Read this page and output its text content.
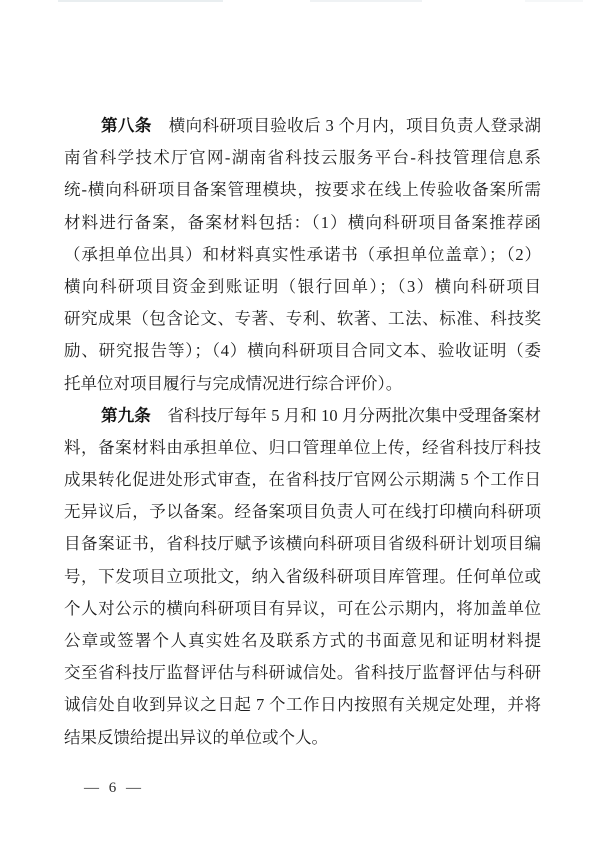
第八条　横向科研项目验收后 3 个月内，项目负责人登录湖
南省科学技术厅官网-湖南省科技云服务平台-科技管理信息系
统-横向科研项目备案管理模块，按要求在线上传验收备案所需
材料进行备案，备案材料包括：（1）横向科研项目备案推荐函
（承担单位出具）和材料真实性承诺书（承担单位盖章）；（2）
横向科研项目资金到账证明（银行回单）；（3）横向科研项目
研究成果（包含论文、专著、专利、软著、工法、标准、科技奖
励、研究报告等）；（4）横向科研项目合同文本、验收证明（委
托单位对项目履行与完成情况进行综合评价）。
第九条　省科技厅每年 5 月和 10 月分两批次集中受理备案材
料，备案材料由承担单位、归口管理单位上传，经省科技厅科技
成果转化促进处形式审查，在省科技厅官网公示期满 5 个工作日
无异议后，予以备案。经备案项目负责人可在线打印横向科研项
目备案证书，省科技厅赋予该横向科研项目省级科研计划项目编
号，下发项目立项批文，纳入省级科研项目库管理。任何单位或
个人对公示的横向科研项目有异议，可在公示期内，将加盖单位
公章或签署个人真实姓名及联系方式的书面意见和证明材料提
交至省科技厅监督评估与科研诚信处。省科技厅监督评估与科研
诚信处自收到异议之日起 7 个工作日内按照有关规定处理，并将
结果反馈给提出异议的单位或个人。
— 6 —
